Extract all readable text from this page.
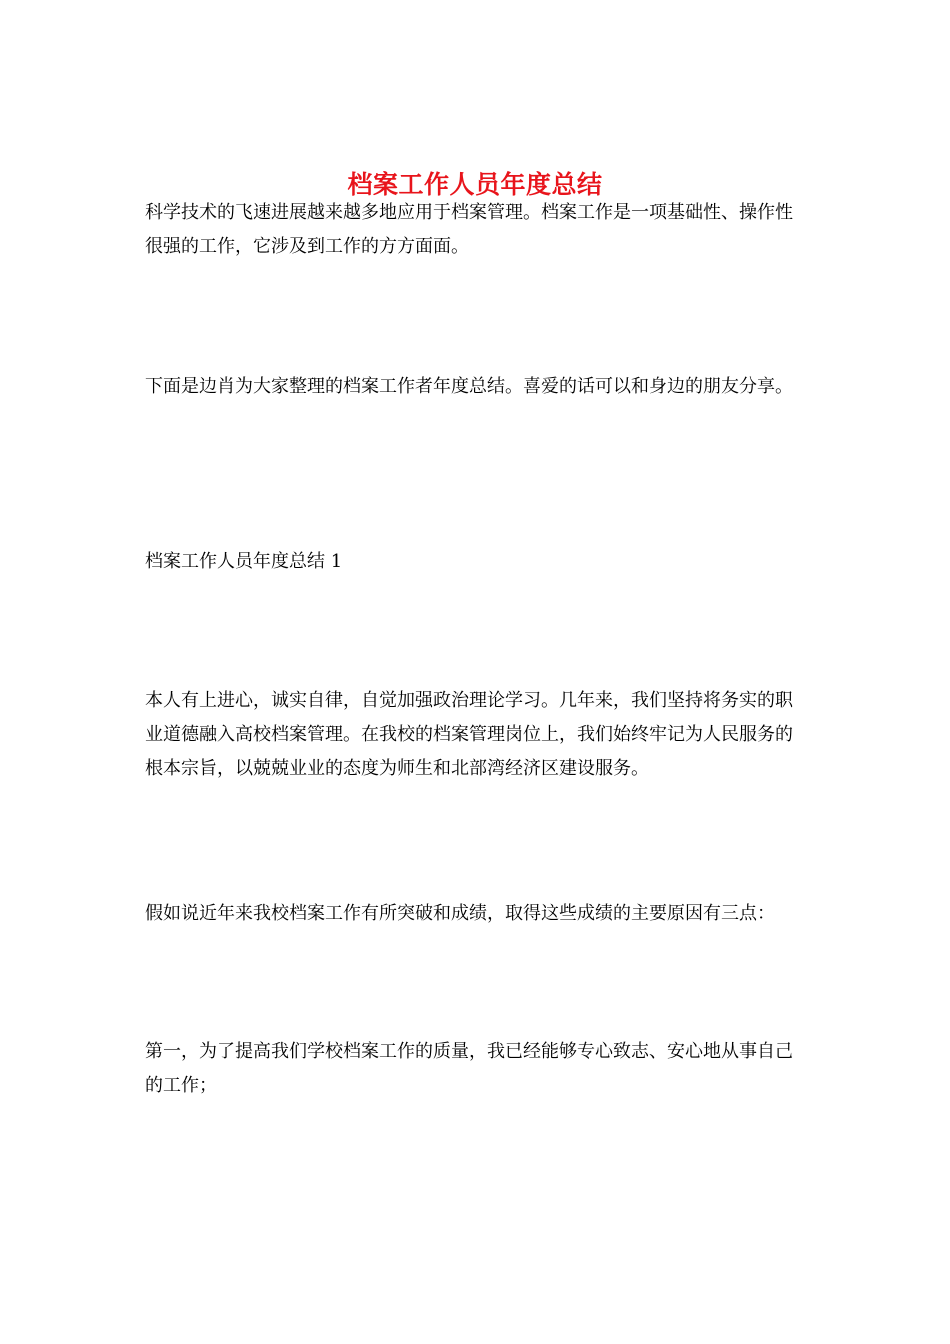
档案工作人员年度总结

科学技术的飞速进展越来越多地应用于档案管理。档案工作是一项基础性、操作性很强的工作，它涉及到工作的方方面面。

下面是边肖为大家整理的档案工作者年度总结。喜爱的话可以和身边的朋友分享。

档案工作人员年度总结 1

本人有上进心，诚实自律，自觉加强政治理论学习。几年来，我们坚持将务实的职业道德融入高校档案管理。在我校的档案管理岗位上，我们始终牢记为人民服务的根本宗旨，以兢兢业业的态度为师生和北部湾经济区建设服务。

假如说近年来我校档案工作有所突破和成绩，取得这些成绩的主要原因有三点：

第一，为了提高我们学校档案工作的质量，我已经能够专心致志、安心地从事自己的工作；
